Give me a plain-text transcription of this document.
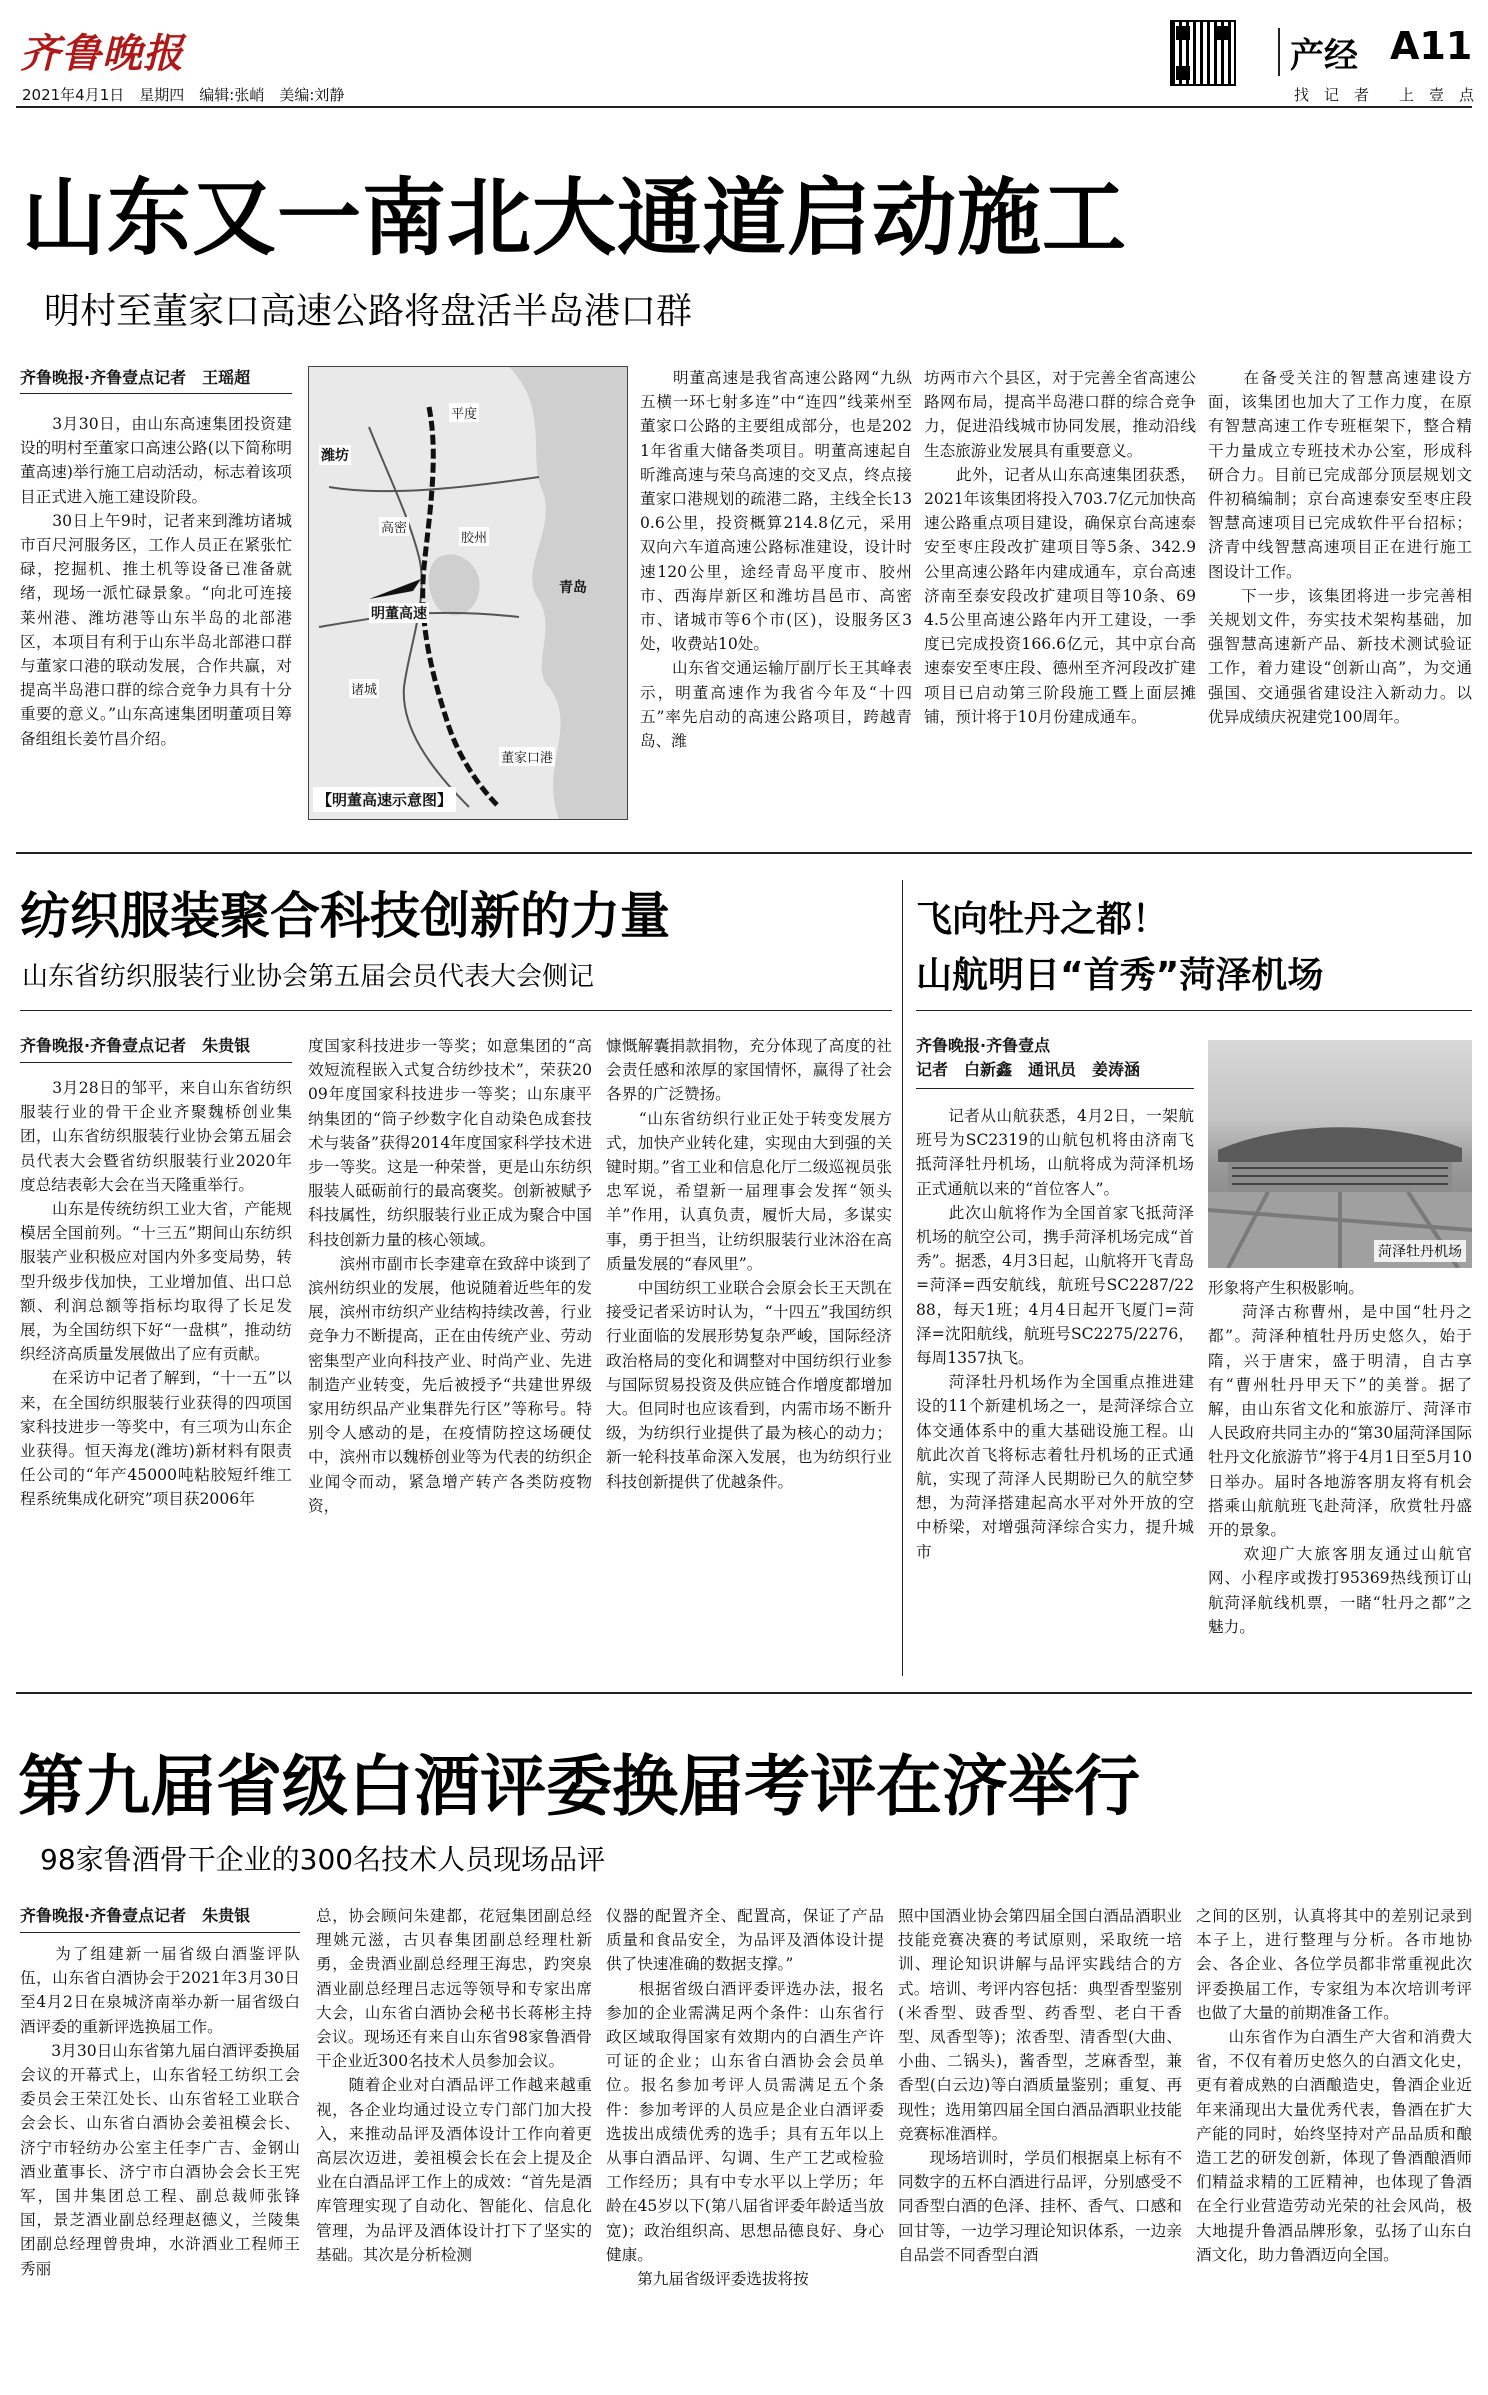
齐鲁晚报
2021年4月1日　星期四　编辑:张峭　美编:刘静
产经 A11
找　记　者　　上　壹　点
山东又一南北大通道启动施工
明村至董家口高速公路将盘活半岛港口群
齐鲁晚报·齐鲁壹点记者　王瑶超
　　3月30日，由山东高速集团投资建设的明村至董家口高速公路(以下简称明董高速)举行施工启动活动，标志着该项目正式进入施工建设阶段。
　　30日上午9时，记者来到潍坊诸城市百尺河服务区，工作人员正在紧张忙碌，挖掘机、推土机等设备已准备就绪，现场一派忙碌景象。“向北可连接莱州港、潍坊港等山东半岛的北部港区，本项目有利于山东半岛北部港口群与董家口港的联动发展，合作共赢，对提高半岛港口群的综合竞争力具有十分重要的意义。”山东高速集团明董项目筹备组组长姜竹昌介绍。
潍坊
青岛
明董高速
诸城
胶州
高密
平度
董家口港
【明董高速示意图】
　　明董高速是我省高速公路网“九纵五横一环七射多连”中“连四”线莱州至董家口公路的主要组成部分，也是2021年省重大储备类项目。明董高速起自昕潍高速与荣乌高速的交叉点，终点接董家口港规划的疏港二路，主线全长130.6公里，投资概算214.8亿元，采用双向六车道高速公路标准建设，设计时速120公里，途经青岛平度市、胶州市、西海岸新区和潍坊昌邑市、高密市、诸城市等6个市(区)，设服务区3处，收费站10处。
　　山东省交通运输厅副厅长王其峰表示，明董高速作为我省今年及“十四五”率先启动的高速公路项目，跨越青岛、潍
坊两市六个县区，对于完善全省高速公路网布局，提高半岛港口群的综合竞争力，促进沿线城市协同发展，推动沿线生态旅游业发展具有重要意义。
　　此外，记者从山东高速集团获悉，2021年该集团将投入703.7亿元加快高速公路重点项目建设，确保京台高速泰安至枣庄段改扩建项目等5条、342.9公里高速公路年内建成通车，京台高速济南至泰安段改扩建项目等10条、694.5公里高速公路年内开工建设，一季度已完成投资166.6亿元，其中京台高速泰安至枣庄段、德州至齐河段改扩建项目已启动第三阶段施工暨上面层摊铺，预计将于10月份建成通车。
　　在备受关注的智慧高速建设方面，该集团也加大了工作力度，在原有智慧高速工作专班框架下，整合精干力量成立专班技术办公室，形成科研合力。目前已完成部分顶层规划文件初稿编制；京台高速泰安至枣庄段智慧高速项目已完成软件平台招标；济青中线智慧高速项目正在进行施工图设计工作。
　　下一步，该集团将进一步完善相关规划文件，夯实技术架构基础，加强智慧高速新产品、新技术测试验证工作，着力建设“创新山高”，为交通强国、交通强省建设注入新动力。以优异成绩庆祝建党100周年。
纺织服装聚合科技创新的力量
山东省纺织服装行业协会第五届会员代表大会侧记
齐鲁晚报·齐鲁壹点记者　朱贵银
　　3月28日的邹平，来自山东省纺织服装行业的骨干企业齐聚魏桥创业集团，山东省纺织服装行业协会第五届会员代表大会暨省纺织服装行业2020年度总结表彰大会在当天隆重举行。
　　山东是传统纺织工业大省，产能规模居全国前列。“十三五”期间山东纺织服装产业积极应对国内外多变局势，转型升级步伐加快，工业增加值、出口总额、利润总额等指标均取得了长足发展，为全国纺织下好“一盘棋”，推动纺织经济高质量发展做出了应有贡献。
　　在采访中记者了解到，“十一五”以来，在全国纺织服装行业获得的四项国家科技进步一等奖中，有三项为山东企业获得。恒天海龙(潍坊)新材料有限责任公司的“年产45000吨粘胶短纤维工程系统集成化研究”项目获2006年
度国家科技进步一等奖；如意集团的“高效短流程嵌入式复合纺纱技术”，荣获2009年度国家科技进步一等奖；山东康平纳集团的“筒子纱数字化自动染色成套技术与装备”获得2014年度国家科学技术进步一等奖。这是一种荣誉，更是山东纺织服装人砥砺前行的最高褒奖。创新被赋予科技属性，纺织服装行业正成为聚合中国科技创新力量的核心领域。
　　滨州市副市长李建章在致辞中谈到了滨州纺织业的发展，他说随着近些年的发展，滨州市纺织产业结构持续改善，行业竞争力不断提高，正在由传统产业、劳动密集型产业向科技产业、时尚产业、先进制造产业转变，先后被授予“共建世界级家用纺织品产业集群先行区”等称号。特别令人感动的是，在疫情防控这场硬仗中，滨州市以魏桥创业等为代表的纺织企业闻令而动，紧急增产转产各类防疫物资，
慷慨解囊捐款捐物，充分体现了高度的社会责任感和浓厚的家国情怀，赢得了社会各界的广泛赞扬。
　　“山东省纺织行业正处于转变发展方式，加快产业转化建，实现由大到强的关键时期。”省工业和信息化厅二级巡视员张忠军说，希望新一届理事会发挥“领头羊”作用，认真负责，履忻大局，多谋实事，勇于担当，让纺织服装行业沐浴在高质量发展的“春风里”。
　　中国纺织工业联合会原会长王天凯在接受记者采访时认为，“十四五”我国纺织行业面临的发展形势复杂严峻，国际经济政治格局的变化和调整对中国纺织行业参与国际贸易投资及供应链合作增度都增加大。但同时也应该看到，内需市场不断升级，为纺织行业提供了最为核心的动力；新一轮科技革命深入发展，也为纺织行业科技创新提供了优越条件。
飞向牡丹之都！
山航明日“首秀”菏泽机场
齐鲁晚报·齐鲁壹点
记者　白新鑫　通讯员　姜涛涵
菏泽牡丹机场
　　记者从山航获悉，4月2日，一架航班号为SC2319的山航包机将由济南飞抵菏泽牡丹机场，山航将成为菏泽机场正式通航以来的“首位客人”。
　　此次山航将作为全国首家飞抵菏泽机场的航空公司，携手菏泽机场完成“首秀”。据悉，4月3日起，山航将开飞青岛=菏泽=西安航线，航班号SC2287/2288，每天1班；4月4日起开飞厦门=菏泽=沈阳航线，航班号SC2275/2276，每周1357执飞。
　　菏泽牡丹机场作为全国重点推进建设的11个新建机场之一，是菏泽综合立体交通体系中的重大基础设施工程。山航此次首飞将标志着牡丹机场的正式通航，实现了菏泽人民期盼已久的航空梦想，为菏泽搭建起高水平对外开放的空中桥梁，对增强菏泽综合实力，提升城市
形象将产生积极影响。
　　菏泽古称曹州，是中国“牡丹之都”。菏泽种植牡丹历史悠久，始于隋，兴于唐宋，盛于明清，自古享有“曹州牡丹甲天下”的美誉。据了解，由山东省文化和旅游厅、菏泽市人民政府共同主办的“第30届菏泽国际牡丹文化旅游节”将于4月1日至5月10日举办。届时各地游客朋友将有机会搭乘山航航班飞赴菏泽，欣赏牡丹盛开的景象。
　　欢迎广大旅客朋友通过山航官网、小程序或拨打95369热线预订山航菏泽航线机票，一睹“牡丹之都”之魅力。
第九届省级白酒评委换届考评在济举行
98家鲁酒骨干企业的300名技术人员现场品评
齐鲁晚报·齐鲁壹点记者　朱贵银
　　为了组建新一届省级白酒鉴评队伍，山东省白酒协会于2021年3月30日至4月2日在泉城济南举办新一届省级白酒评委的重新评选换届工作。
　　3月30日山东省第九届白酒评委换届会议的开幕式上，山东省轻工纺织工会委员会王荣江处长、山东省轻工业联合会会长、山东省白酒协会姜祖模会长、济宁市轻纺办公室主任李广吉、金钢山酒业董事长、济宁市白酒协会会长王宪军，国井集团总工程、副总裁师张锋国，景芝酒业副总经理赵德义，兰陵集团副总经理曾贵坤，水浒酒业工程师王秀丽
总，协会顾问朱建都，花冠集团副总经理姚元滋，古贝春集团副总经理杜新勇，金贵酒业副总经理王海忠，趵突泉酒业副总经理吕志远等领导和专家出席大会，山东省白酒协会秘书长蒋彬主持会议。现场还有来自山东省98家鲁酒骨干企业近300名技术人员参加会议。
　　随着企业对白酒品评工作越来越重视，各企业均通过设立专门部门加大投入，来推动品评及酒体设计工作向着更高层次迈进，姜祖模会长在会上提及企业在白酒品评工作上的成效：“首先是酒库管理实现了自动化、智能化、信息化管理，为品评及酒体设计打下了坚实的基础。其次是分析检测
仪器的配置齐全、配置高，保证了产品质量和食品安全，为品评及酒体设计提供了快速准确的数据支撑。”
　　根据省级白酒评委评选办法，报名参加的企业需满足两个条件：山东省行政区域取得国家有效期内的白酒生产许可证的企业；山东省白酒协会会员单位。报名参加考评人员需满足五个条件：参加考评的人员应是企业白酒评委选拔出成绩优秀的选手；具有五年以上从事白酒品评、勾调、生产工艺或检验工作经历；具有中专水平以上学历；年龄在45岁以下(第八届省评委年龄适当放宽)；政治组织高、思想品德良好、身心健康。
　　第九届省级评委选拔将按
照中国酒业协会第四届全国白酒品酒职业技能竞赛决赛的考试原则，采取统一培训、理论知识讲解与品评实践结合的方式。培训、考评内容包括：典型香型鉴别(米香型、豉香型、药香型、老白干香型、凤香型等)；浓香型、清香型(大曲、小曲、二锅头)，酱香型，芝麻香型，兼香型(白云边)等白酒质量鉴别；重复、再现性；选用第四届全国白酒品酒职业技能竞赛标准酒样。
　　现场培训时，学员们根据桌上标有不同数字的五杯白酒进行品评，分别感受不同香型白酒的色泽、挂杯、香气、口感和回甘等，一边学习理论知识体系，一边亲自品尝不同香型白酒
之间的区别，认真将其中的差别记录到本子上，进行整理与分析。各市地协会、各企业、各位学员都非常重视此次评委换届工作，专家组为本次培训考评也做了大量的前期准备工作。
　　山东省作为白酒生产大省和消费大省，不仅有着历史悠久的白酒文化史，更有着成熟的白酒酿造史，鲁酒企业近年来涌现出大量优秀代表，鲁酒在扩大产能的同时，始终坚持对产品品质和酿造工艺的研发创新，体现了鲁酒酿酒师们精益求精的工匠精神，也体现了鲁酒在全行业营造劳动光荣的社会风尚，极大地提升鲁酒品牌形象，弘扬了山东白酒文化，助力鲁酒迈向全国。
